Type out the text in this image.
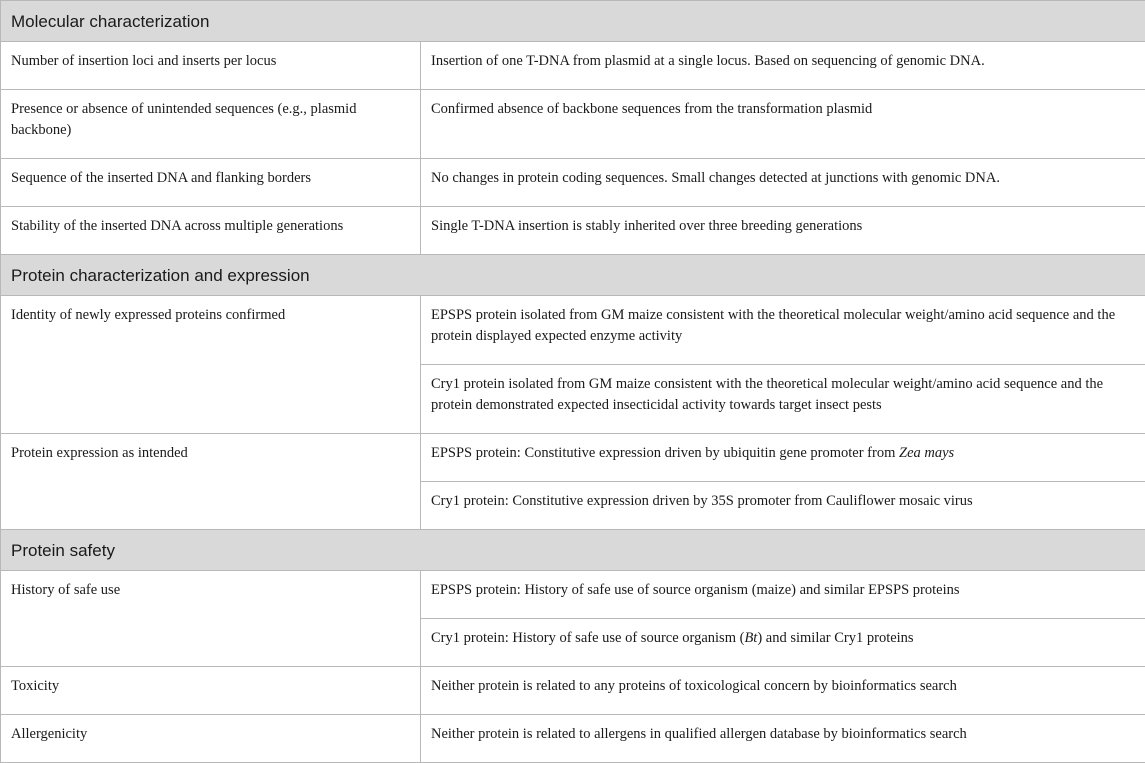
Molecular characterization	
Number of insertion loci and inserts per locus	Insertion of one T-DNA from plasmid at a single locus. Based on sequencing of genomic DNA.
Presence or absence of unintended sequences (e.g., plasmid backbone)	Confirmed absence of backbone sequences from the transformation plasmid
Sequence of the inserted DNA and flanking borders	No changes in protein coding sequences. Small changes detected at junctions with genomic DNA.
Stability of the inserted DNA across multiple generations	Single T-DNA insertion is stably inherited over three breeding generations
Protein characterization and expression	
Identity of newly expressed proteins confirmed	EPSPS protein isolated from GM maize consistent with the theoretical molecular weight/amino acid sequence and the protein displayed expected enzyme activity
	Cry1 protein isolated from GM maize consistent with the theoretical molecular weight/amino acid sequence and the protein demonstrated expected insecticidal activity towards target insect pests
Protein expression as intended	EPSPS protein: Constitutive expression driven by ubiquitin gene promoter from Zea mays
	Cry1 protein: Constitutive expression driven by 35S promoter from Cauliflower mosaic virus
Protein safety	
History of safe use	EPSPS protein: History of safe use of source organism (maize) and similar EPSPS proteins
	Cry1 protein: History of safe use of source organism (Bt) and similar Cry1 proteins
Toxicity	Neither protein is related to any proteins of toxicological concern by bioinformatics search
Allergenicity	Neither protein is related to allergens in qualified allergen database by bioinformatics search
